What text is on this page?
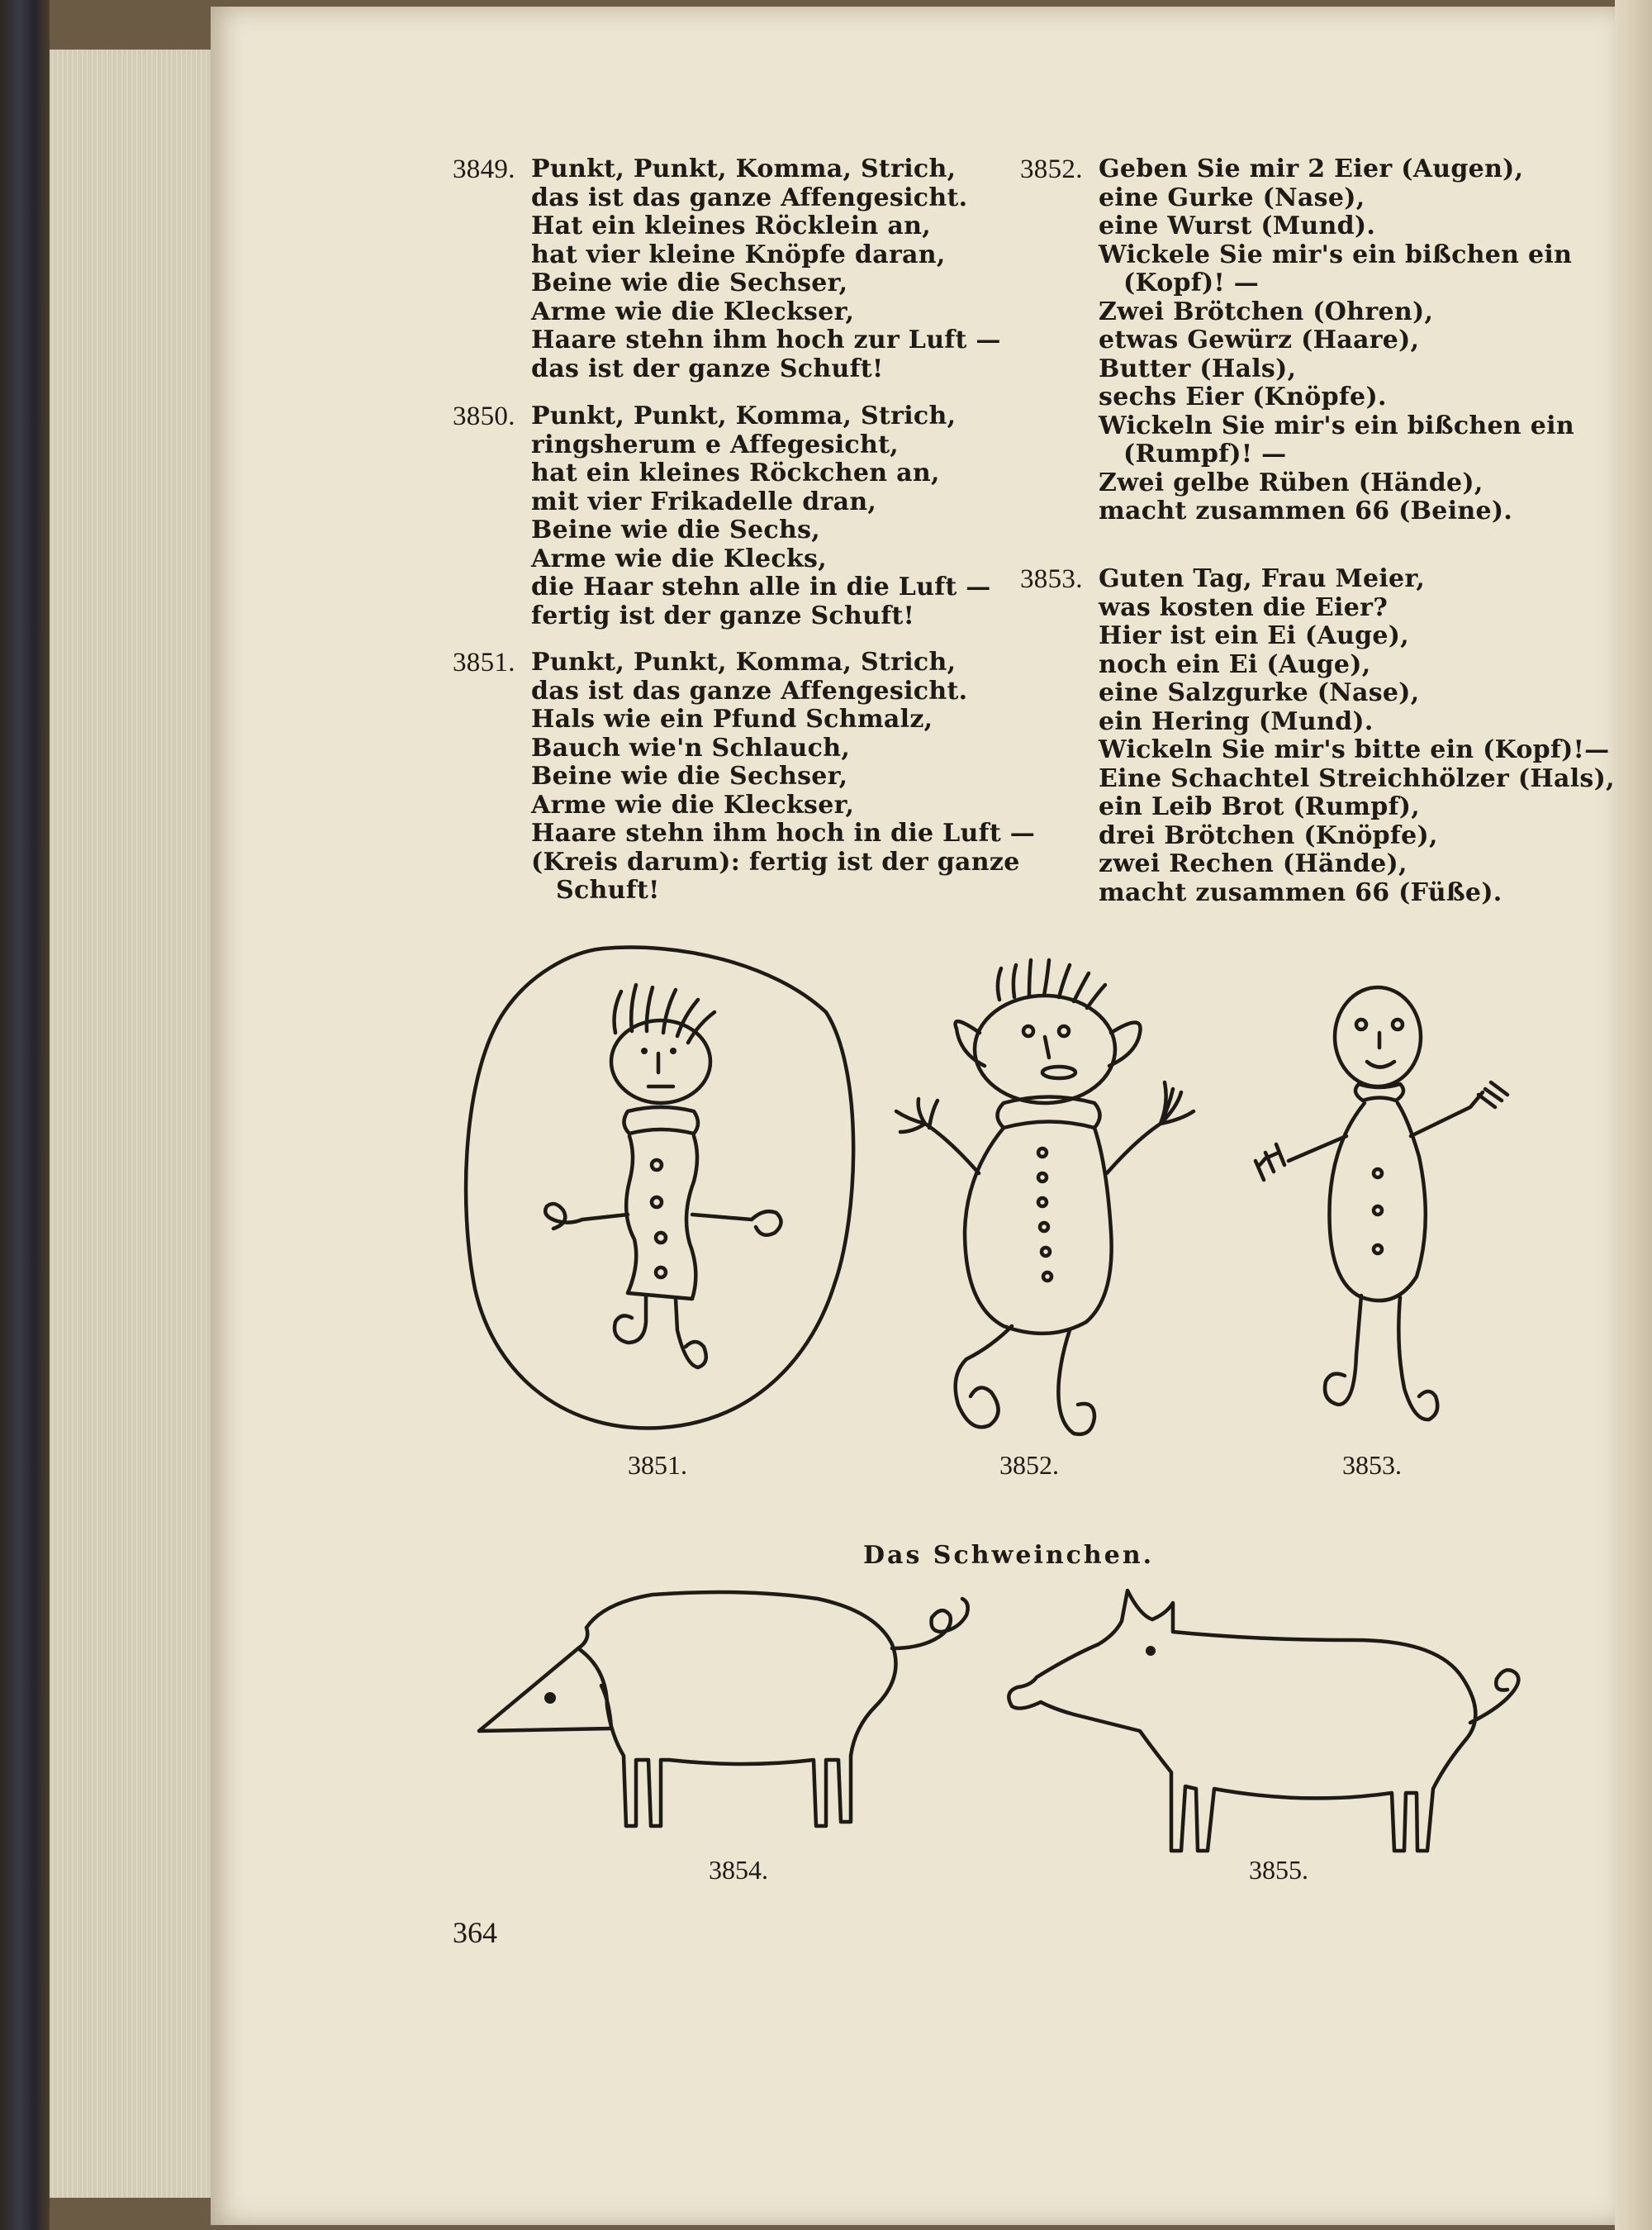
3849. Punkt, Punkt, Komma, Strich,
das ist das ganze Affengesicht.
Hat ein kleines Röcklein an,
hat vier kleine Knöpfe daran,
Beine wie die Sechser,
Arme wie die Kleckser,
Haare stehn ihm hoch zur Luft —
das ist der ganze Schuft!
3850. Punkt, Punkt, Komma, Strich,
ringsherum e Affegesicht,
hat ein kleines Röckchen an,
mit vier Frikadelle dran,
Beine wie die Sechs,
Arme wie die Klecks,
die Haar stehn alle in die Luft —
fertig ist der ganze Schuft!
3851. Punkt, Punkt, Komma, Strich,
das ist das ganze Affengesicht.
Hals wie ein Pfund Schmalz,
Bauch wie'n Schlauch,
Beine wie die Sechser,
Arme wie die Kleckser,
Haare stehn ihm hoch in die Luft —
(Kreis darum): fertig ist der ganze
Schuft!
3852. Geben Sie mir 2 Eier (Augen),
eine Gurke (Nase),
eine Wurst (Mund).
Wickele Sie mir's ein bißchen ein
(Kopf)! —
Zwei Brötchen (Ohren),
etwas Gewürz (Haare),
Butter (Hals),
sechs Eier (Knöpfe).
Wickeln Sie mir's ein bißchen ein
(Rumpf)! —
Zwei gelbe Rüben (Hände),
macht zusammen 66 (Beine).
3853. Guten Tag, Frau Meier,
was kosten die Eier?
Hier ist ein Ei (Auge),
noch ein Ei (Auge),
eine Salzgurke (Nase),
ein Hering (Mund).
Wickeln Sie mir's bitte ein (Kopf)!—
Eine Schachtel Streichhölzer (Hals),
ein Leib Brot (Rumpf),
drei Brötchen (Knöpfe),
zwei Rechen (Hände),
macht zusammen 66 (Füße).
3851.	3852.	3853.
Das Schweinchen.
3854.	3855.
364
